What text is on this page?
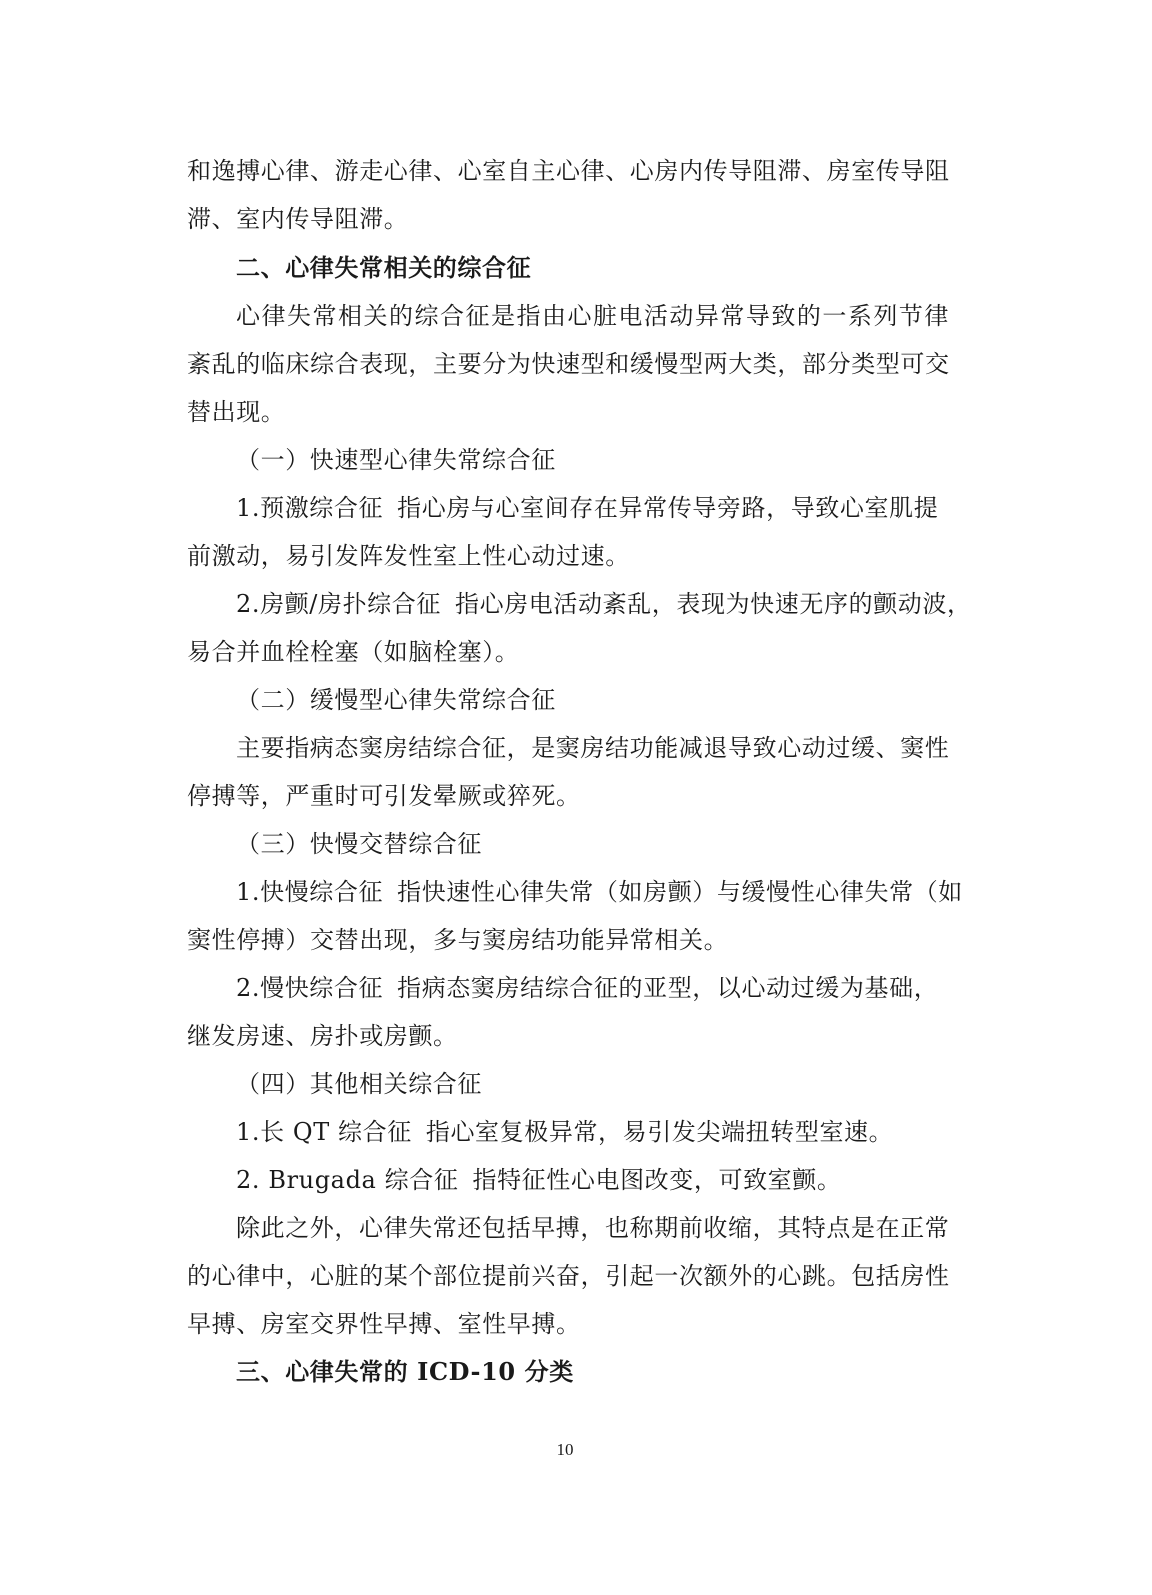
和逸搏心律、游走心律、心室自主心律、心房内传导阻滞、房室传导阻
滞、室内传导阻滞。
二、心律失常相关的综合征
心律失常相关的综合征是指由心脏电活动异常导致的一系列节律
紊乱的临床综合表现，主要分为快速型和缓慢型两大类，部分类型可交
替出现。
（一）快速型心律失常综合征
1.预激综合征 指心房与心室间存在异常传导旁路，导致心室肌提
前激动，易引发阵发性室上性心动过速。
2.房颤/房扑综合征 指心房电活动紊乱，表现为快速无序的颤动波，
易合并血栓栓塞（如脑栓塞）。
（二）缓慢型心律失常综合征
主要指病态窦房结综合征，是窦房结功能减退导致心动过缓、窦性
停搏等，严重时可引发晕厥或猝死。
（三）快慢交替综合征
1.快慢综合征 指快速性心律失常（如房颤）与缓慢性心律失常（如
窦性停搏）交替出现，多与窦房结功能异常相关。
2.慢快综合征 指病态窦房结综合征的亚型，以心动过缓为基础，
继发房速、房扑或房颤。
（四）其他相关综合征
1.长 QT 综合征 指心室复极异常，易引发尖端扭转型室速。
2. Brugada 综合征 指特征性心电图改变，可致室颤。
除此之外，心律失常还包括早搏，也称期前收缩，其特点是在正常
的心律中，心脏的某个部位提前兴奋，引起一次额外的心跳。包括房性
早搏、房室交界性早搏、室性早搏。
三、心律失常的 ICD-10 分类
10
